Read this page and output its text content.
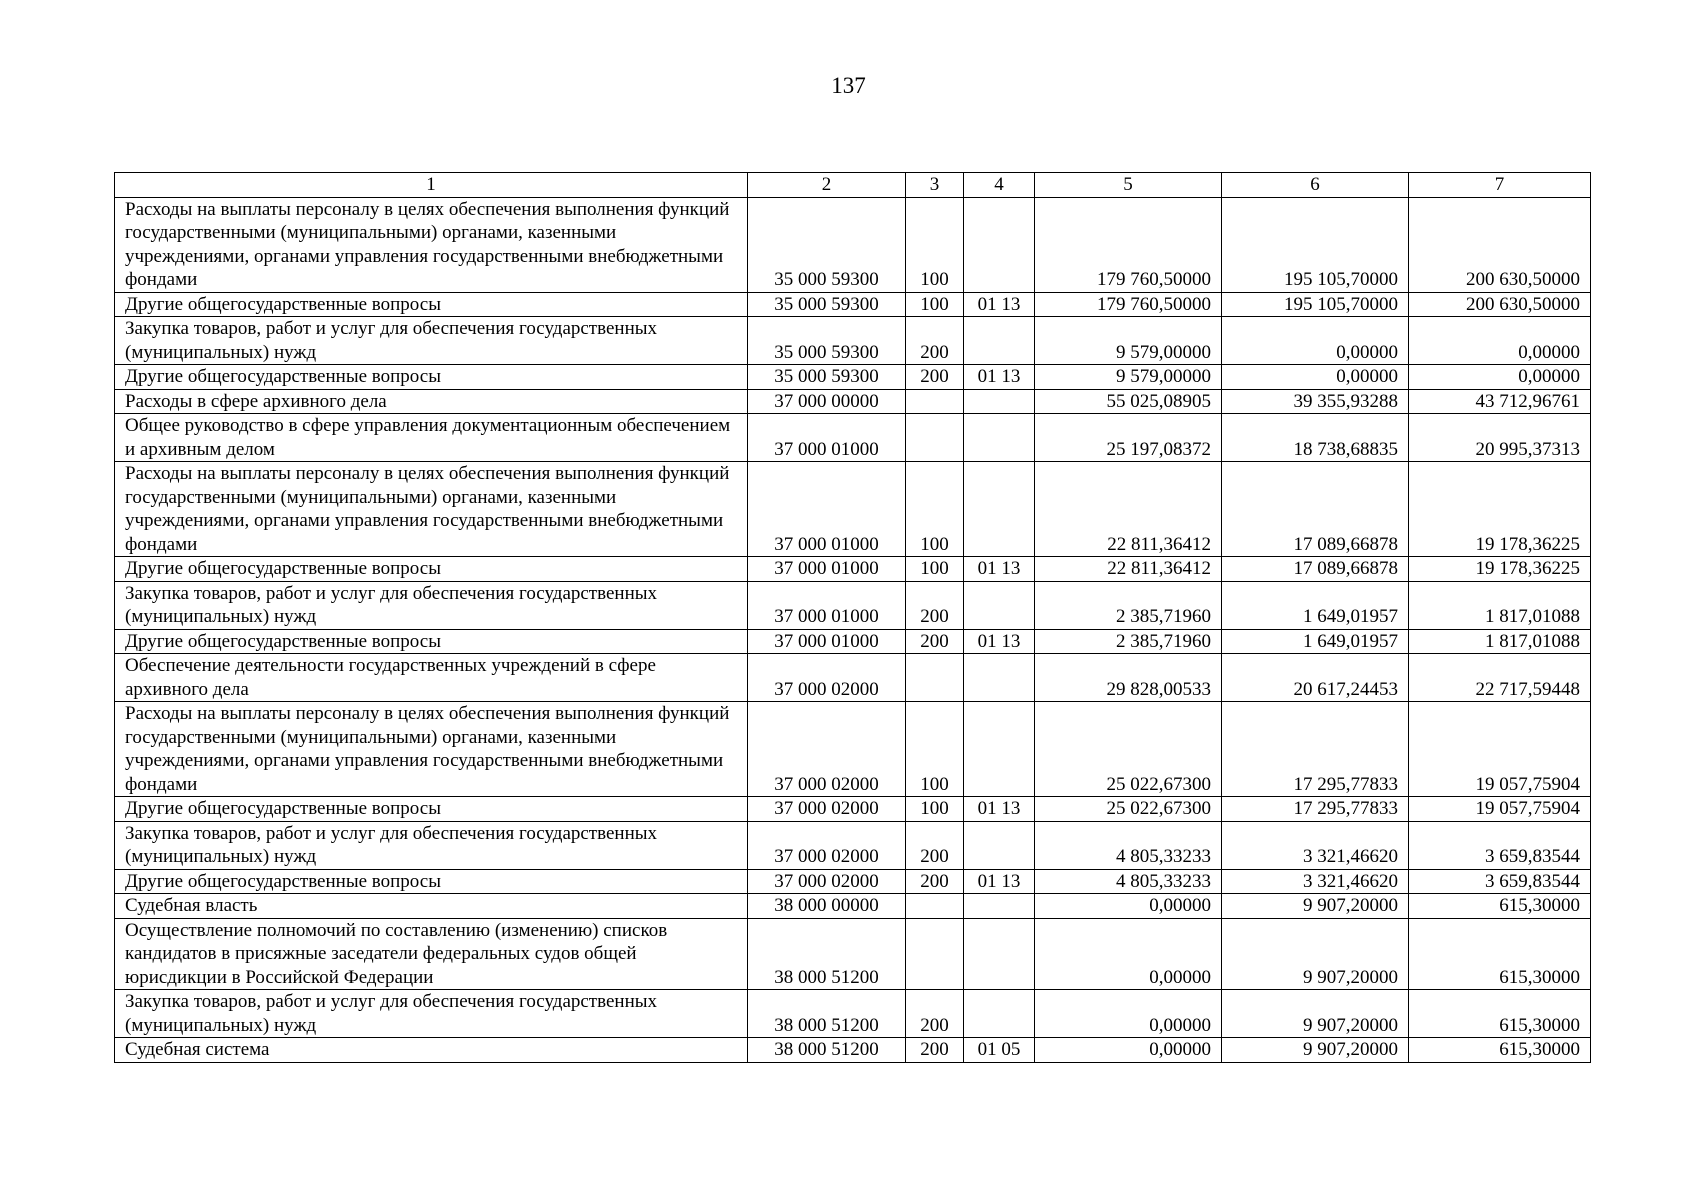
137
1	2	3	4	5	6	7
Расходы на выплаты персоналу в целях обеспечения выполнения функций государственными (муниципальными) органами, казенными учреждениями, органами управления государственными внебюджетными фондами	35 000 59300	100		179 760,50000	195 105,70000	200 630,50000
Другие общегосударственные вопросы	35 000 59300	100	01 13	179 760,50000	195 105,70000	200 630,50000
Закупка товаров, работ и услуг для обеспечения государственных (муниципальных) нужд	35 000 59300	200		9 579,00000	0,00000	0,00000
Другие общегосударственные вопросы	35 000 59300	200	01 13	9 579,00000	0,00000	0,00000
Расходы в сфере архивного дела	37 000 00000			55 025,08905	39 355,93288	43 712,96761
Общее руководство в сфере управления документационным обеспечением и архивным делом	37 000 01000			25 197,08372	18 738,68835	20 995,37313
Расходы на выплаты персоналу в целях обеспечения выполнения функций государственными (муниципальными) органами, казенными учреждениями, органами управления государственными внебюджетными фондами	37 000 01000	100		22 811,36412	17 089,66878	19 178,36225
Другие общегосударственные вопросы	37 000 01000	100	01 13	22 811,36412	17 089,66878	19 178,36225
Закупка товаров, работ и услуг для обеспечения государственных (муниципальных) нужд	37 000 01000	200		2 385,71960	1 649,01957	1 817,01088
Другие общегосударственные вопросы	37 000 01000	200	01 13	2 385,71960	1 649,01957	1 817,01088
Обеспечение деятельности государственных учреждений в сфере архивного дела	37 000 02000			29 828,00533	20 617,24453	22 717,59448
Расходы на выплаты персоналу в целях обеспечения выполнения функций государственными (муниципальными) органами, казенными учреждениями, органами управления государственными внебюджетными фондами	37 000 02000	100		25 022,67300	17 295,77833	19 057,75904
Другие общегосударственные вопросы	37 000 02000	100	01 13	25 022,67300	17 295,77833	19 057,75904
Закупка товаров, работ и услуг для обеспечения государственных (муниципальных) нужд	37 000 02000	200		4 805,33233	3 321,46620	3 659,83544
Другие общегосударственные вопросы	37 000 02000	200	01 13	4 805,33233	3 321,46620	3 659,83544
Судебная власть	38 000 00000			0,00000	9 907,20000	615,30000
Осуществление полномочий по составлению (изменению) списков кандидатов в присяжные заседатели федеральных судов общей юрисдикции в Российской Федерации	38 000 51200			0,00000	9 907,20000	615,30000
Закупка товаров, работ и услуг для обеспечения государственных (муниципальных) нужд	38 000 51200	200		0,00000	9 907,20000	615,30000
Судебная система	38 000 51200	200	01 05	0,00000	9 907,20000	615,30000
